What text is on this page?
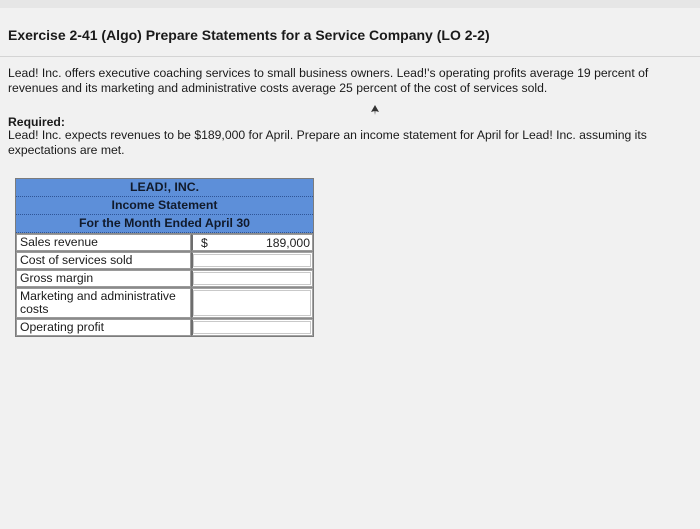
Exercise 2-41 (Algo) Prepare Statements for a Service Company (LO 2-2)

Lead! Inc. offers executive coaching services to small business owners. Lead!'s operating profits average 19 percent of revenues and its marketing and administrative costs average 25 percent of the cost of services sold.

Required:

Lead! Inc. expects revenues to be $189,000 for April. Prepare an income statement for April for Lead! Inc. assuming its expectations are met.

LEAD!, INC.
Income Statement
For the Month Ended April 30
Sales revenue	$	189,000
Cost of services sold
Gross margin
Marketing and administrative costs
Operating profit
